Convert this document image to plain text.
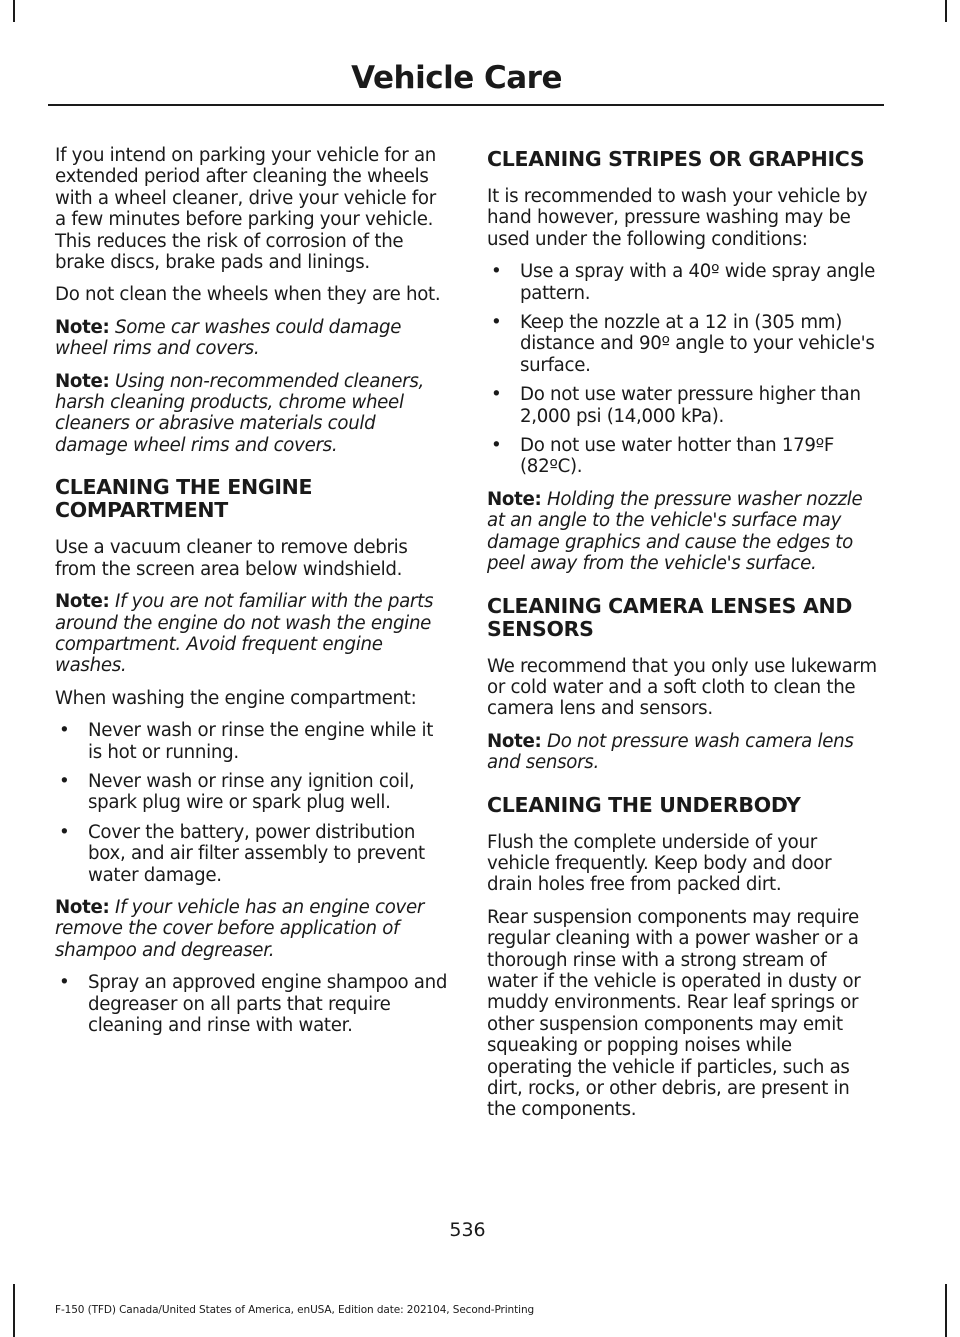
Vehicle Care

If you intend on parking your vehicle for an extended period after cleaning the wheels with a wheel cleaner, drive your vehicle for a few minutes before parking your vehicle. This reduces the risk of corrosion of the brake discs, brake pads and linings.

Do not clean the wheels when they are hot.

Note: Some car washes could damage wheel rims and covers.

Note: Using non-recommended cleaners, harsh cleaning products, chrome wheel cleaners or abrasive materials could damage wheel rims and covers.

CLEANING THE ENGINE COMPARTMENT

Use a vacuum cleaner to remove debris from the screen area below windshield.

Note: If you are not familiar with the parts around the engine do not wash the engine compartment. Avoid frequent engine washes.

When washing the engine compartment:

• Never wash or rinse the engine while it is hot or running.
• Never wash or rinse any ignition coil, spark plug wire or spark plug well.
• Cover the battery, power distribution box, and air filter assembly to prevent water damage.

Note: If your vehicle has an engine cover remove the cover before application of shampoo and degreaser.

• Spray an approved engine shampoo and degreaser on all parts that require cleaning and rinse with water.
CLEANING STRIPES OR GRAPHICS

It is recommended to wash your vehicle by hand however, pressure washing may be used under the following conditions:

• Use a spray with a 40º wide spray angle pattern.
• Keep the nozzle at a 12 in (305 mm) distance and 90º angle to your vehicle's surface.
• Do not use water pressure higher than 2,000 psi (14,000 kPa).
• Do not use water hotter than 179ºF (82ºC).

Note: Holding the pressure washer nozzle at an angle to the vehicle's surface may damage graphics and cause the edges to peel away from the vehicle's surface.

CLEANING CAMERA LENSES AND SENSORS

We recommend that you only use lukewarm or cold water and a soft cloth to clean the camera lens and sensors.

Note: Do not pressure wash camera lens and sensors.

CLEANING THE UNDERBODY

Flush the complete underside of your vehicle frequently. Keep body and door drain holes free from packed dirt.

Rear suspension components may require regular cleaning with a power washer or a thorough rinse with a strong stream of water if the vehicle is operated in dusty or muddy environments. Rear leaf springs or other suspension components may emit squeaking or popping noises while operating the vehicle if particles, such as dirt, rocks, or other debris, are present in the components.

536
F-150 (TFD) Canada/United States of America, enUSA, Edition date: 202104, Second-Printing
